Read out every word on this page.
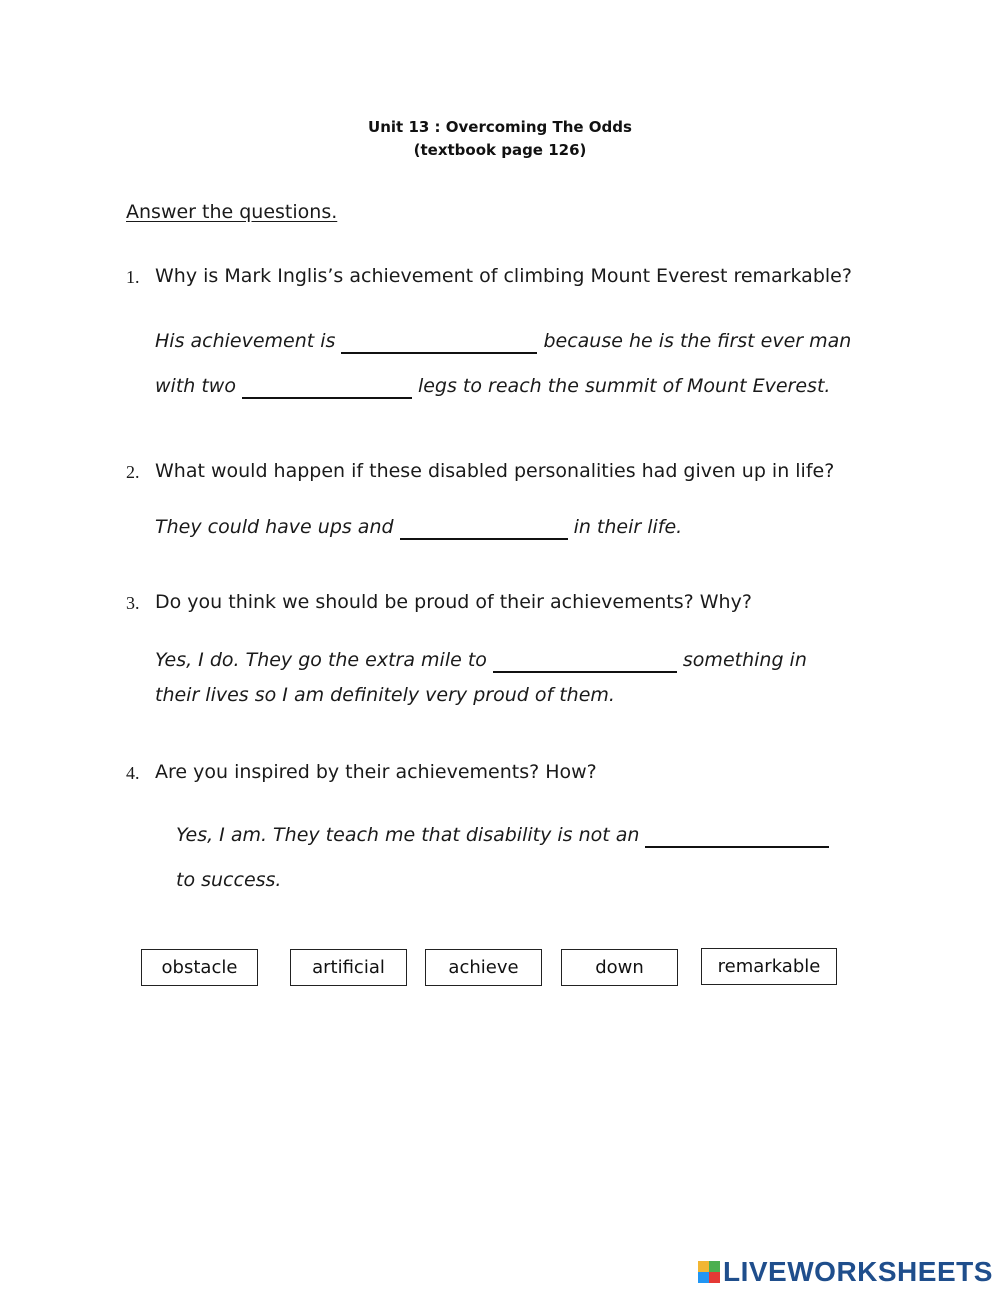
Unit 13 : Overcoming The Odds
(textbook page 126)
Answer the questions.
1. Why is Mark Inglis’s achievement of climbing Mount Everest remarkable?
His achievement is	because he is the first ever man
with two	legs to reach the summit of Mount Everest.
2. What would happen if these disabled personalities had given up in life?
They could have ups and	in their life.
3. Do you think we should be proud of their achievements? Why?
Yes, I do. They go the extra mile to	something in
their lives so I am definitely very proud of them.
4. Are you inspired by their achievements? How?
Yes, I am. They teach me that disability is not an
to success.
obstacle	artificial	achieve	down	remarkable
LIVEWORKSHEETS
